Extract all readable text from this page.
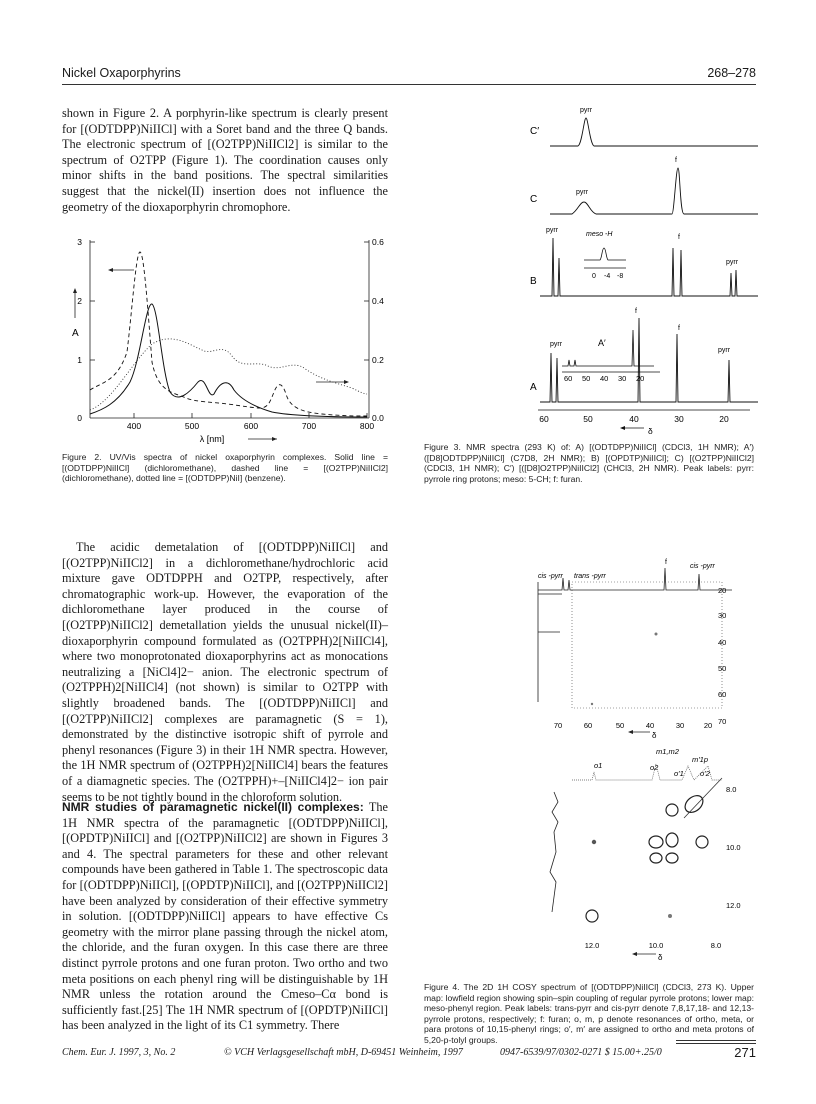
Nickel Oxaporphyrins	268–278

shown in Figure 2. A porphyrin-like spectrum is clearly present for [(ODTDPP)NiIICl] with a Soret band and the three Q bands. The electronic spectrum of [(O2TPP)NiIICl2] is similar to the spectrum of O2TPP (Figure 1). The coordination causes only minor shifts in the band positions. The spectral similarities suggest that the nickel(II) insertion does not influence the geometry of the dioxaporphyrin chromophore.

0
1
2
3
0.0
0.2
0.4
0.6
400	500	600	700	800
λ [nm]
A
Figure 2. UV/Vis spectra of nickel oxaporphyrin complexes. Solid line = [(ODTDPP)NiIICl] (dichloromethane), dashed line = [(O2TPP)NiIICl2] (dichloromethane), dotted line = [(ODTDPP)NiI] (benzene).

The acidic demetalation of [(ODTDPP)NiIICl] and [(O2TPP)NiIICl2] in a dichloromethane/hydrochloric acid mixture gave ODTDPPH and O2TPP, respectively, after chromatographic work-up. However, the evaporation of the dichloromethane layer produced in the course of [(O2TPP)NiIICl2] demetallation yields the unusual nickel(II)–dioxaporphyrin compound formulated as (O2TPPH)2[NiIICl4], where two monoprotonated dioxaporphyrins act as monocations neutralizing a [NiCl4]2− anion. The electronic spectrum of (O2TPPH)2[NiIICl4] (not shown) is similar to O2TPP with slightly broadened bands. The [(ODTDPP)NiIICl] and [(O2TPP)NiIICl2] complexes are paramagnetic (S = 1), demonstrated by the distinctive isotropic shift of pyrrole and phenyl resonances (Figure 3) in their 1H NMR spectra. However, the 1H NMR spectrum of (O2TPPH)2[NiIICl4] bears the features of a diamagnetic species. The (O2TPPH)+–[NiIICl4]2− ion pair seems to be not tightly bound in the chloroform solution.

NMR studies of paramagnetic nickel(II) complexes: The 1H NMR spectra of the paramagnetic [(ODTDPP)NiIICl], [(OPDTP)NiIICl] and [(O2TPP)NiIICl2] are shown in Figures 3 and 4. The spectral parameters for these and other relevant compounds have been gathered in Table 1. The spectroscopic data for [(ODTDPP)NiIICl], [(OPDTP)NiIICl], and [(O2TPP)NiIICl2] have been analyzed by consideration of their effective symmetry in solution. [(ODTDPP)NiIICl] appears to have effective Cs geometry with the mirror plane passing through the nickel atom, the chloride, and the furan oxygen. In this case there are three distinct pyrrole protons and one furan proton. Two ortho and two meta positions on each phenyl ring will be distinguishable by 1H NMR unless the rotation around the Cmeso–Cα bond is sufficiently fast.[25] The 1H NMR spectrum of [(OPDTP)NiIICl] has been analyzed in the light of its C1 symmetry. There

C′
pyrr
C
pyrr
f
B
pyrr
f
pyrr
meso -H
0 -4 -8
A
pyrr	A′
f
f
pyrr
60 50 40 30 20
60	50	40	30	20
δ
Figure 3. NMR spectra (293 K) of: A) [(ODTDPP)NiIICl] (CDCl3, 1H NMR); A′) ([D8]ODTDPP)NiIICl] (C7D8, 2H NMR); B) [(OPDTP)NiIICl]; C) [(O2TPP)NiIICl2] (CDCl3, 1H NMR); C′) [([D8]O2TPP)NiIICl2] (CHCl3, 2H NMR). Peak labels: pyrr: pyrrole ring protons; meso: 5-CH; f: furan.
cis -pyrr trans -pyrr
f
cis -pyrr
20
30
40
50
60
70
70	60	50	40	30	20
δ
m1,m2
m′1p
o1	o2
o′1 o′2
8.0
10.0
12.0
12.0	10.0	8.0
δ
Figure 4. The 2D 1H COSY spectrum of [(ODTDPP)NiIICl] (CDCl3, 273 K). Upper map: lowfield region showing spin–spin coupling of regular pyrrole protons; lower map: meso-phenyl region. Peak labels: trans-pyrr and cis-pyrr denote 7,8,17,18- and 12,13- pyrrole protons, respectively; f: furan; o, m, p denote resonances of ortho, meta, or para protons of 10,15-phenyl rings; o′, m′ are assigned to ortho and meta protons of 5,20-p-tolyl groups.
Chem. Eur. J. 1997, 3, No. 2	© VCH Verlagsgesellschaft mbH, D-69451 Weinheim, 1997	0947-6539/97/0302-0271 $ 15.00+.25/0	271
